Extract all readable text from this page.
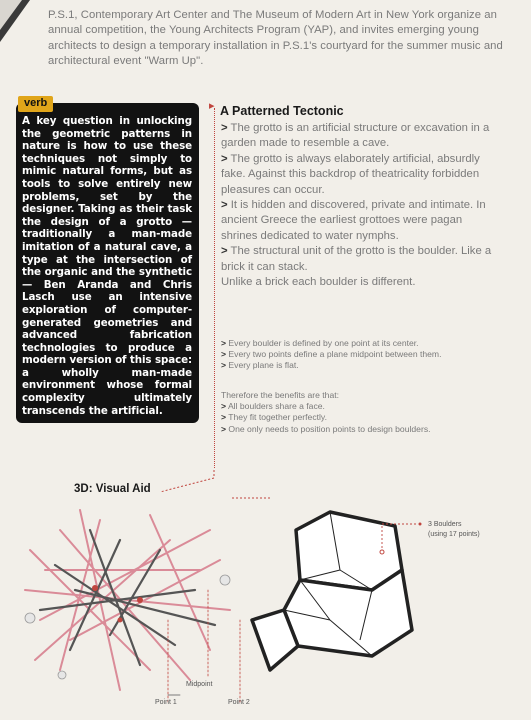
P.S.1, Contemporary Art Center and The Museum of Modern Art in New York organize an annual competition, the Young Architects Program (YAP), and invites emerging young architects to design a temporary installation in P.S.1's courtyard for the summer music and architectural event "Warm Up".
verb
A key question in unlocking the geometric patterns in nature is how to use these techniques not simply to mimic natural forms, but as tools to solve entirely new problems, set by the designer. Taking as their task the design of a grotto — traditionally a man-made imitation of a natural cave, a type at the intersection of the organic and the synthetic — Ben Aranda and Chris Lasch use an intensive exploration of computer-generated geometries and advanced fabrication technologies to produce a modern version of this space: a wholly man-made environment whose formal complexity ultimately transcends the artificial.
▸ A Patterned Tectonic

> The grotto is an artificial structure or excavation in a garden made to resemble a cave.

> The grotto is always elaborately artificial, absurdly fake. Against this backdrop of theatricality forbidden pleasures can occur.

> It is hidden and discovered, private and intimate. In ancient Greece the earliest grottoes were pagan shrines dedicated to water nymphs.

> The structural unit of the grotto is the boulder. Like a brick it can stack.

Unlike a brick each boulder is different.

> Every boulder is defined by one point at its center.

> Every two points define a plane midpoint between them.

> Every plane is flat.

Therefore the benefits are that:

> All boulders share a face.

> They fit together perfectly.

> One only needs to position points to design boulders.

3D: Visual Aid
3 Boulders
(using 17 points)
Point 1
Midpoint
Point 2
